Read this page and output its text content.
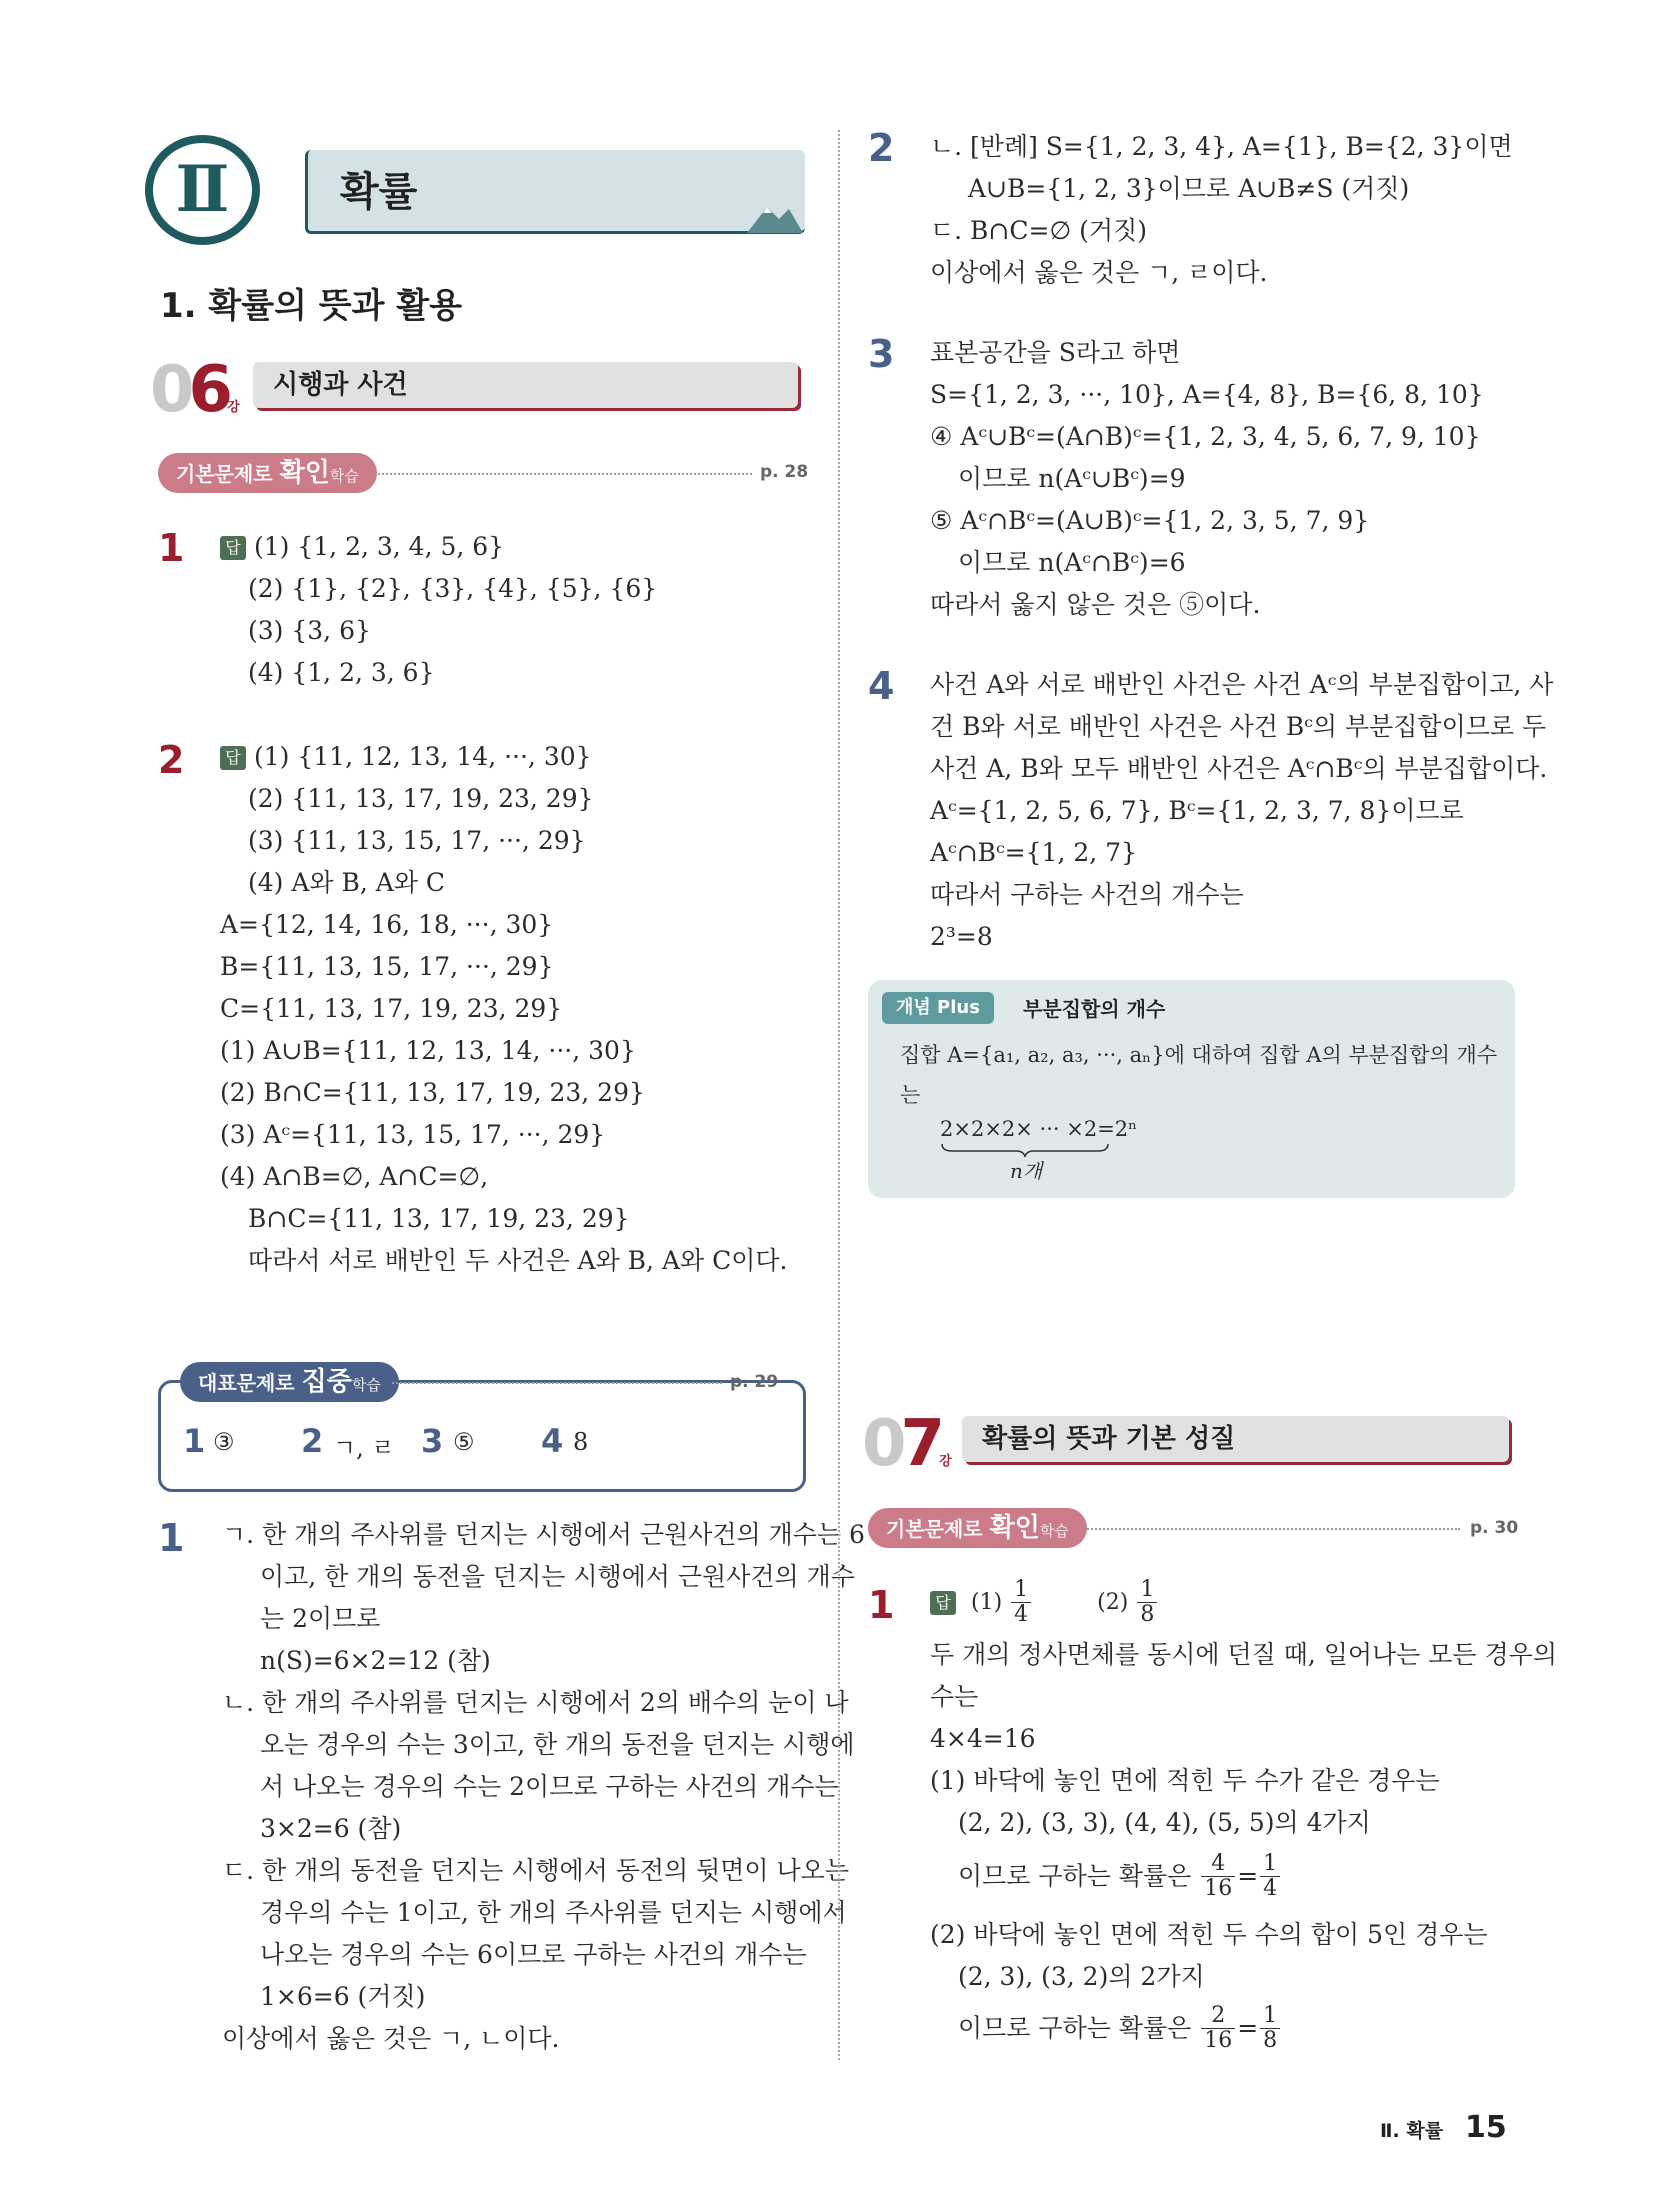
Ⅱ	확률
1. 확률의 뜻과 활용
06강
시행과 사건
기본문제로 확인학습	p. 28
1	답 (1) {1, 2, 3, 4, 5, 6}
(2) {1}, {2}, {3}, {4}, {5}, {6}
(3) {3, 6}
(4) {1, 2, 3, 6}
2	답 (1) {11, 12, 13, 14, ···, 30}
(2) {11, 13, 17, 19, 23, 29}
(3) {11, 13, 15, 17, ···, 29}
(4) A와 B, A와 C
A={12, 14, 16, 18, ···, 30}
B={11, 13, 15, 17, ···, 29}
C={11, 13, 17, 19, 23, 29}
(1) A∪B={11, 12, 13, 14, ···, 30}
(2) B∩C={11, 13, 17, 19, 23, 29}
(3) Aᶜ={11, 13, 15, 17, ···, 29}
(4) A∩B=∅, A∩C=∅,
B∩C={11, 13, 17, 19, 23, 29}
따라서 서로 배반인 두 사건은 A와 B, A와 C이다.
대표문제로 집중학습	p. 29
1 ③ 2 ㄱ, ㄹ 3 ⑤ 4 8
1 ㄱ. 한 개의 주사위를 던지는 시행에서 근원사건의 개수는 6
이고, 한 개의 동전을 던지는 시행에서 근원사건의 개수
는 2이므로
n(S)=6×2=12 (참)
ㄴ. 한 개의 주사위를 던지는 시행에서 2의 배수의 눈이 나
오는 경우의 수는 3이고, 한 개의 동전을 던지는 시행에
서 나오는 경우의 수는 2이므로 구하는 사건의 개수는
3×2=6 (참)
ㄷ. 한 개의 동전을 던지는 시행에서 동전의 뒷면이 나오는
경우의 수는 1이고, 한 개의 주사위를 던지는 시행에서
나오는 경우의 수는 6이므로 구하는 사건의 개수는
1×6=6 (거짓)
이상에서 옳은 것은 ㄱ, ㄴ이다.
2 ㄴ. [반례] S={1, 2, 3, 4}, A={1}, B={2, 3}이면
A∪B={1, 2, 3}이므로 A∪B≠S (거짓)
ㄷ. B∩C=∅ (거짓)
이상에서 옳은 것은 ㄱ, ㄹ이다.
3 표본공간을 S라고 하면
S={1, 2, 3, ···, 10}, A={4, 8}, B={6, 8, 10}
④ Aᶜ∪Bᶜ=(A∩B)ᶜ={1, 2, 3, 4, 5, 6, 7, 9, 10}
이므로 n(Aᶜ∪Bᶜ)=9
⑤ Aᶜ∩Bᶜ=(A∪B)ᶜ={1, 2, 3, 5, 7, 9}
이므로 n(Aᶜ∩Bᶜ)=6
따라서 옳지 않은 것은 ⑤이다.
4 사건 A와 서로 배반인 사건은 사건 Aᶜ의 부분집합이고, 사
건 B와 서로 배반인 사건은 사건 Bᶜ의 부분집합이므로 두
사건 A, B와 모두 배반인 사건은 Aᶜ∩Bᶜ의 부분집합이다.
Aᶜ={1, 2, 5, 6, 7}, Bᶜ={1, 2, 3, 7, 8}이므로
Aᶜ∩Bᶜ={1, 2, 7}
따라서 구하는 사건의 개수는
2³=8
개념 Plus	부분집합의 개수
집합 A={a₁, a₂, a₃, ···, aₙ}에 대하여 집합 A의 부분집합의 개수
는
2×2×2× ··· ×2=2ⁿ
n개
07강
확률의 뜻과 기본 성질
기본문제로 확인학습	p. 30
1	답 $(1) \frac{1}{4}$	$(2) \frac{1}{8}$
두 개의 정사면체를 동시에 던질 때, 일어나는 모든 경우의
수는
4×4=16
(1) 바닥에 놓인 면에 적힌 두 수가 같은 경우는
(2, 2), (3, 3), (4, 4), (5, 5)의 4가지
이므로 구하는 확률은 $\frac{4}{16} = \frac{1}{4}$
(2) 바닥에 놓인 면에 적힌 두 수의 합이 5인 경우는
(2, 3), (3, 2)의 2가지
이므로 구하는 확률은 $\frac{2}{16} = \frac{1}{8}$
Ⅱ. 확률 15
